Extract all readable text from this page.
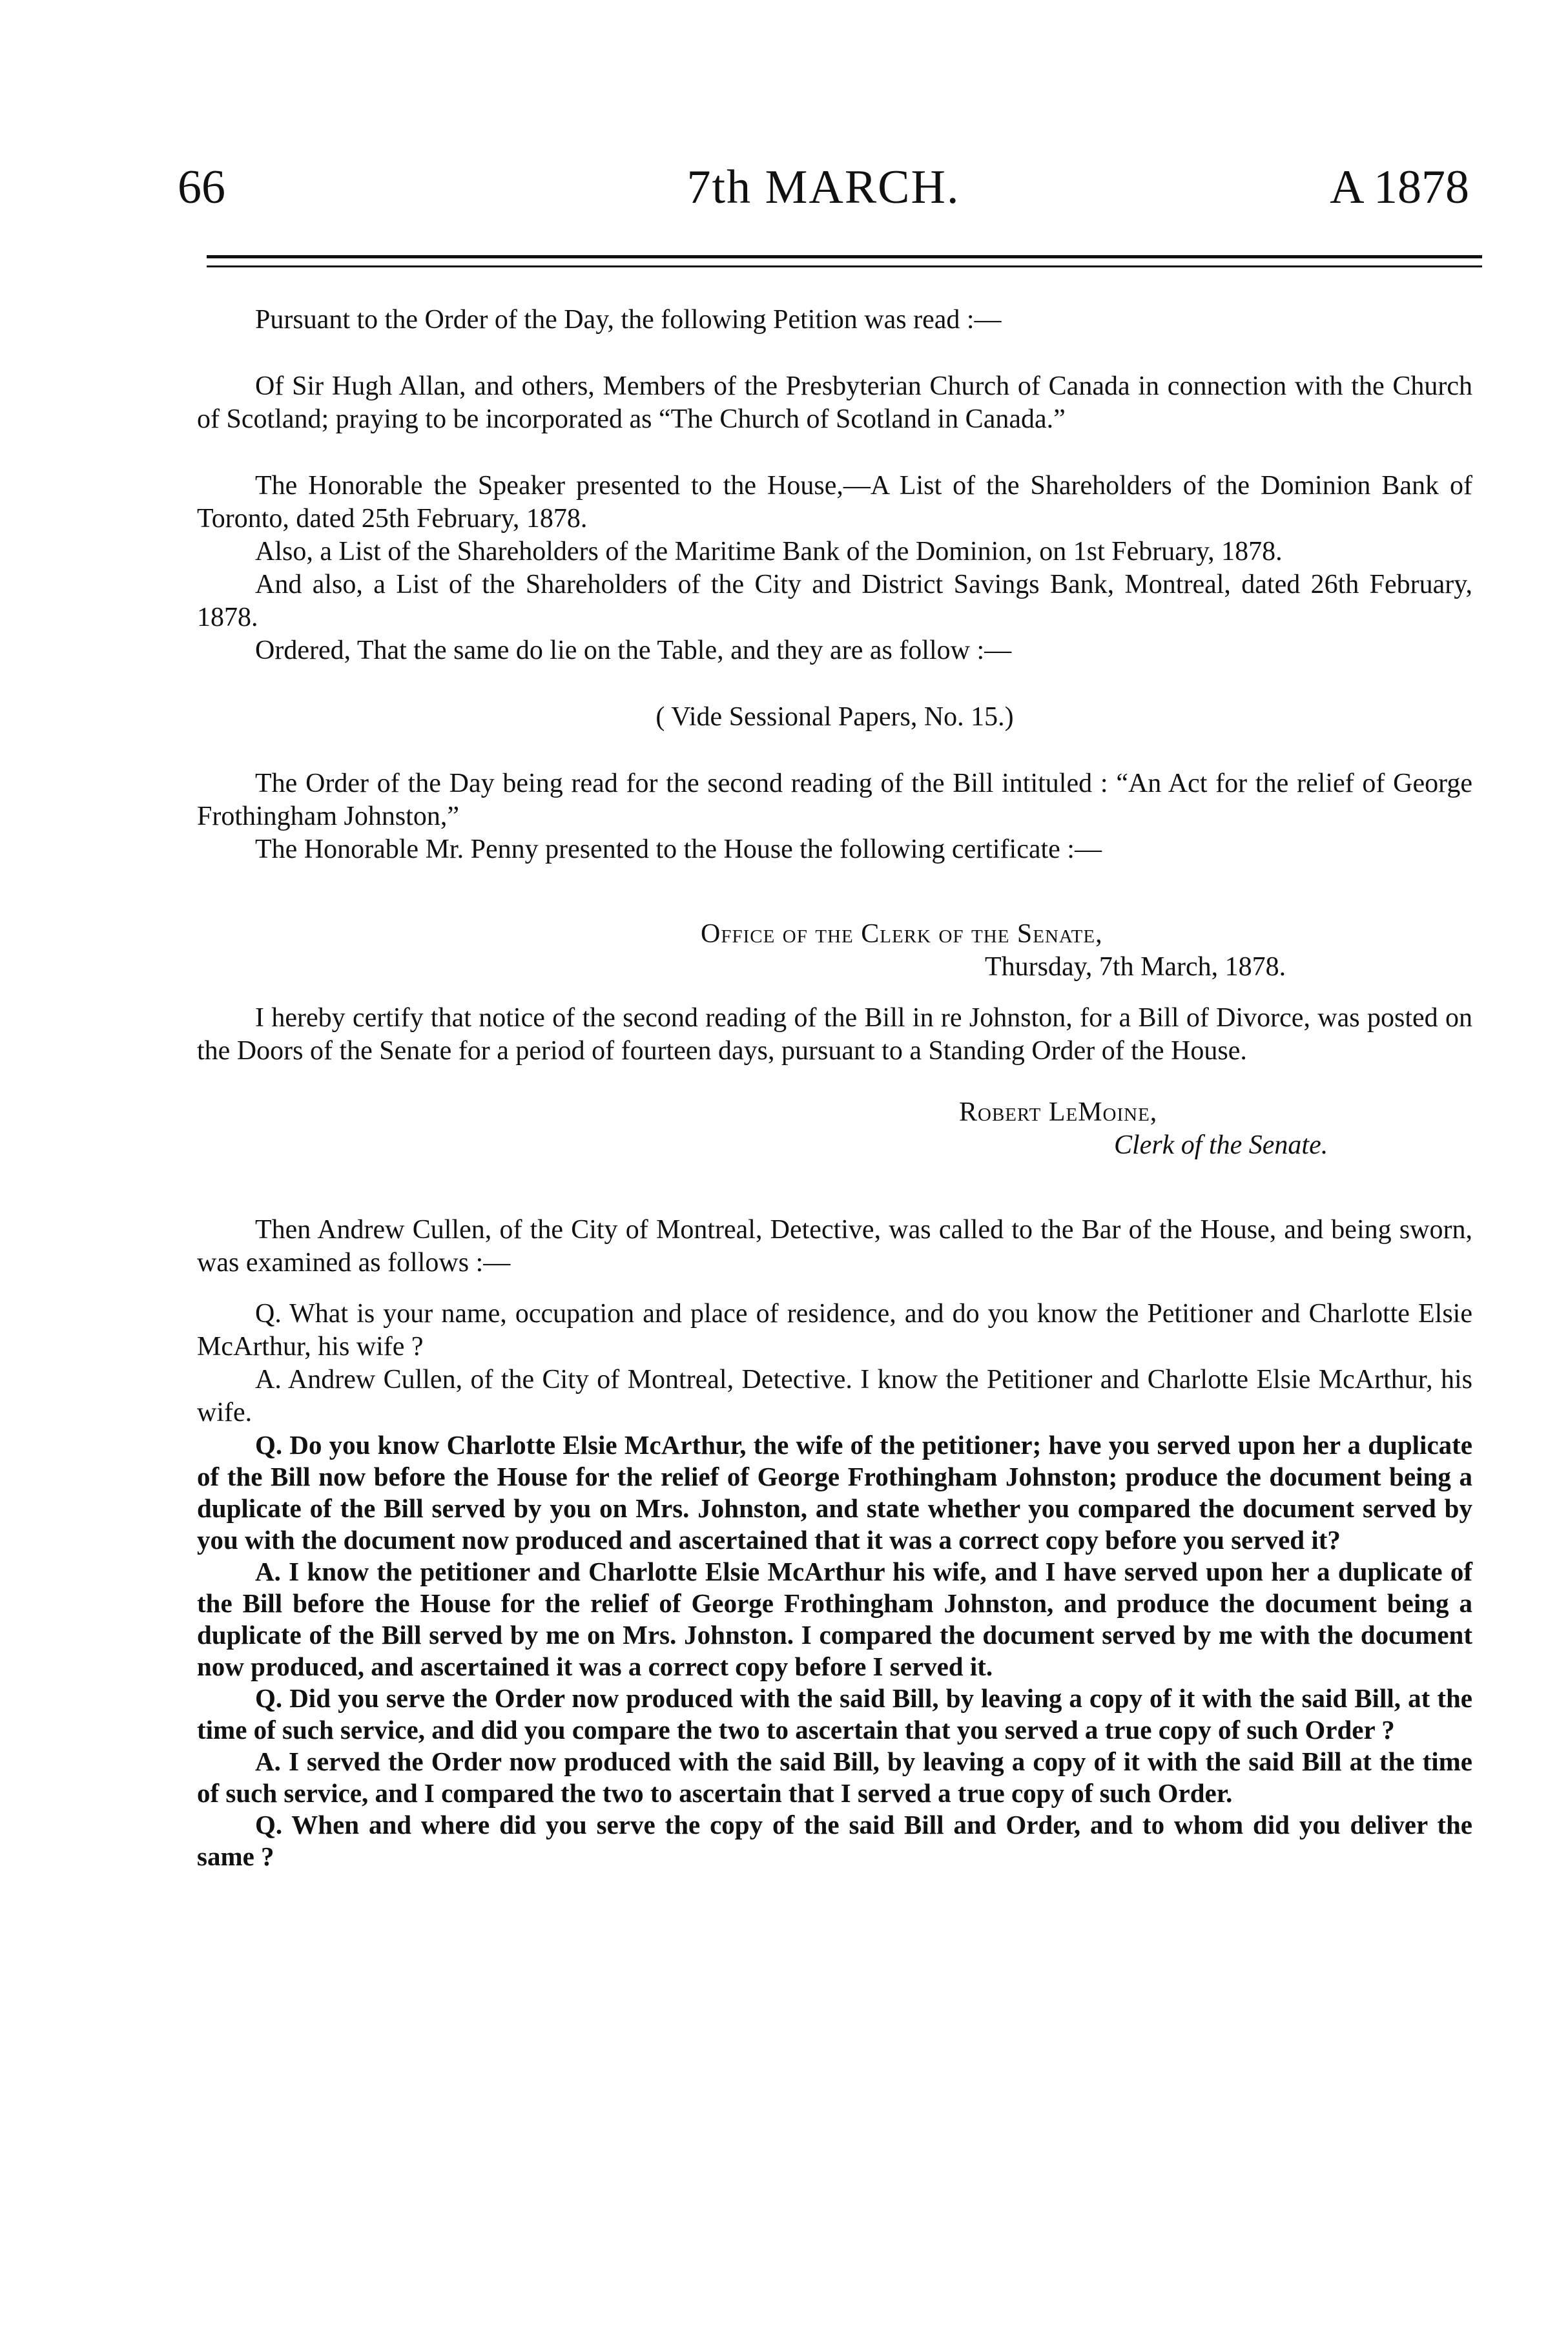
66	7th MARCH.	A 1878

Pursuant to the Order of the Day, the following Petition was read :—

Of Sir Hugh Allan, and others, Members of the Presbyterian Church of Canada in connection with the Church of Scotland; praying to be incorporated as “The Church of Scotland in Canada.”

The Honorable the Speaker presented to the House,—A List of the Shareholders of the Dominion Bank of Toronto, dated 25th February, 1878.

Also, a List of the Shareholders of the Maritime Bank of the Dominion, on 1st February, 1878.

And also, a List of the Shareholders of the City and District Savings Bank, Montreal, dated 26th February, 1878.

Ordered, That the same do lie on the Table, and they are as follow :—

( Vide Sessional Papers, No. 15.)

The Order of the Day being read for the second reading of the Bill intituled : “An Act for the relief of George Frothingham Johnston,”

The Honorable Mr. Penny presented to the House the following certificate :—

Office of the Clerk of the Senate,

Thursday, 7th March, 1878.

I hereby certify that notice of the second reading of the Bill in re Johnston, for a Bill of Divorce, was posted on the Doors of the Senate for a period of fourteen days, pursuant to a Standing Order of the House.

Robert LeMoine,

Clerk of the Senate.

Then Andrew Cullen, of the City of Montreal, Detective, was called to the Bar of the House, and being sworn, was examined as follows :—

Q. What is your name, occupation and place of residence, and do you know the Petitioner and Charlotte Elsie McArthur, his wife ?

A. Andrew Cullen, of the City of Montreal, Detective. I know the Petitioner and Charlotte Elsie McArthur, his wife.

Q. Do you know Charlotte Elsie McArthur, the wife of the petitioner; have you served upon her a duplicate of the Bill now before the House for the relief of George Frothingham Johnston; produce the document being a duplicate of the Bill served by you on Mrs. Johnston, and state whether you compared the document served by you with the document now produced and ascertained that it was a correct copy before you served it?

A. I know the petitioner and Charlotte Elsie McArthur his wife, and I have served upon her a duplicate of the Bill before the House for the relief of George Frothingham Johnston, and produce the document being a duplicate of the Bill served by me on Mrs. Johnston. I compared the document served by me with the document now produced, and ascertained it was a correct copy before I served it.

Q. Did you serve the Order now produced with the said Bill, by leaving a copy of it with the said Bill, at the time of such service, and did you compare the two to ascertain that you served a true copy of such Order ?

A. I served the Order now produced with the said Bill, by leaving a copy of it with the said Bill at the time of such service, and I compared the two to ascertain that I served a true copy of such Order.

Q. When and where did you serve the copy of the said Bill and Order, and to whom did you deliver the same ?
